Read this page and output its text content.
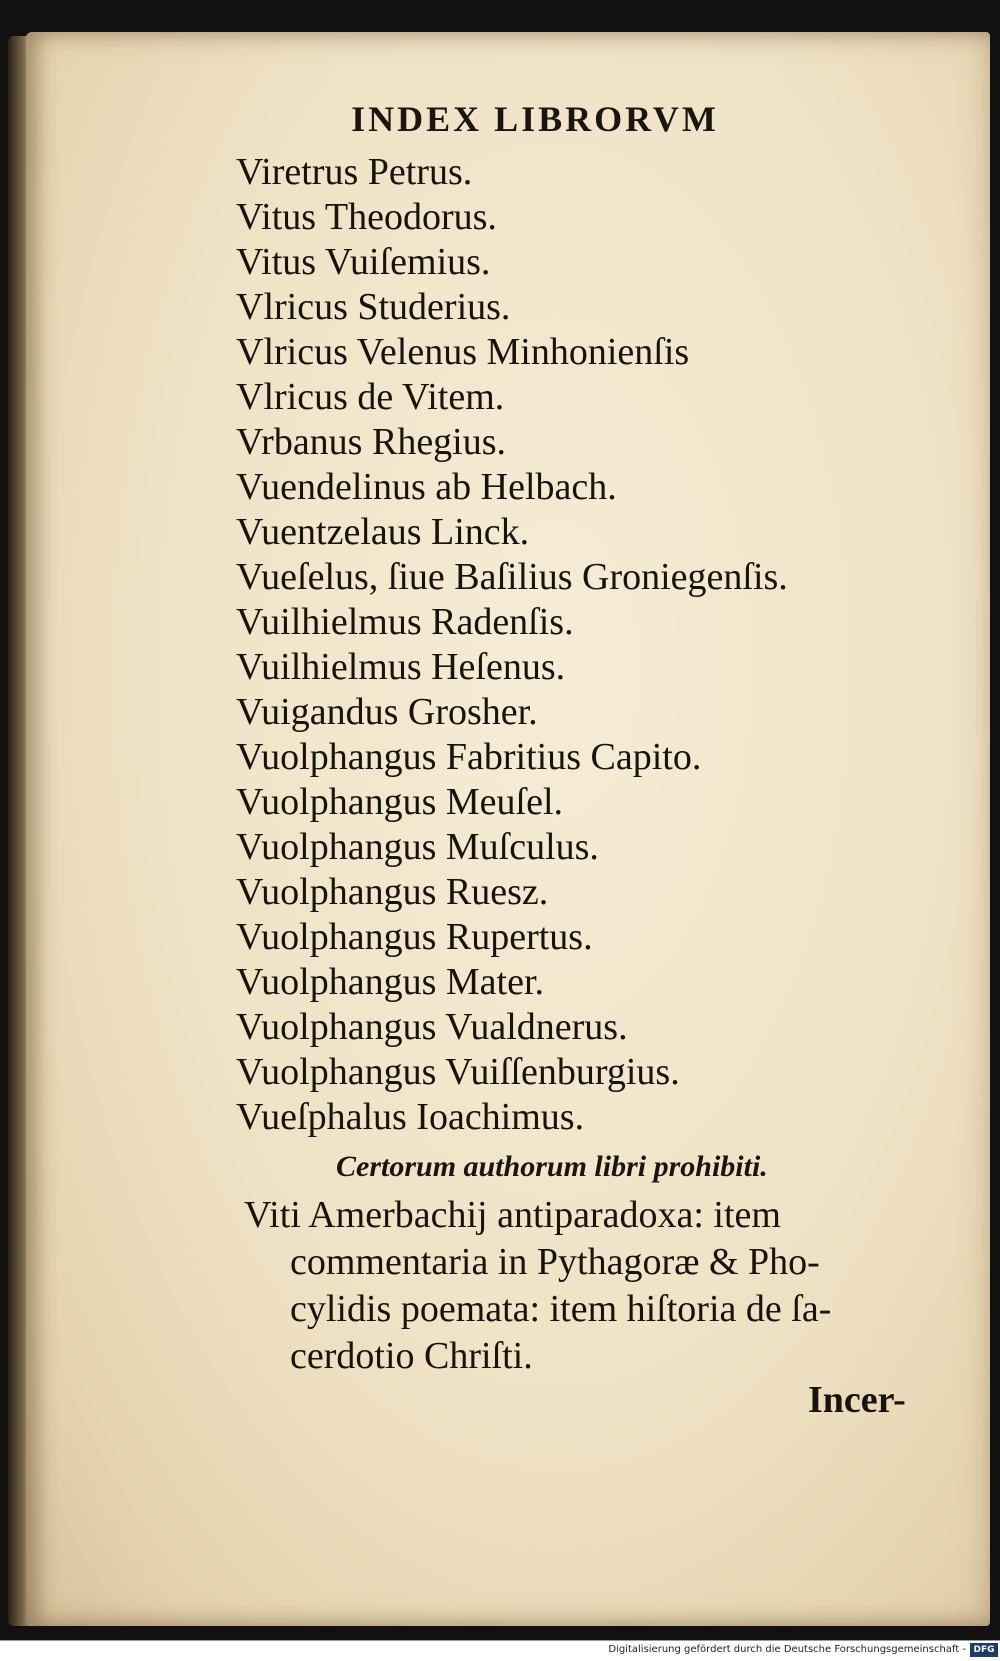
INDEX LIBRORVM
Viretrus Petrus.
Vitus Theodorus.
Vitus Vuiſemius.
Vlricus Studerius.
Vlricus Velenus Minhonienſis
Vlricus de Vitem.
Vrbanus Rhegius.
Vuendelinus ab Helbach.
Vuentzelaus Linck.
Vueſelus, ſiue Baſilius Groniegenſis.
Vuilhielmus Radenſis.
Vuilhielmus Heſenus.
Vuigandus Grosher.
Vuolphangus Fabritius Capito.
Vuolphangus Meuſel.
Vuolphangus Muſculus.
Vuolphangus Ruesz.
Vuolphangus Rupertus.
Vuolphangus Mater.
Vuolphangus Vualdnerus.
Vuolphangus Vuiſſenburgius.
Vueſphalus Ioachimus.
Certorum authorum libri prohibiti.
Viti Amerbachij antiparadoxa: item
commentaria in Pythagoræ & Pho-
cylidis poemata: item hiſtoria de ſa-
cerdotio Chriſti.
Incer-
Digitalisierung gefördert durch die Deutsche Forschungsgemeinschaft - DFG
